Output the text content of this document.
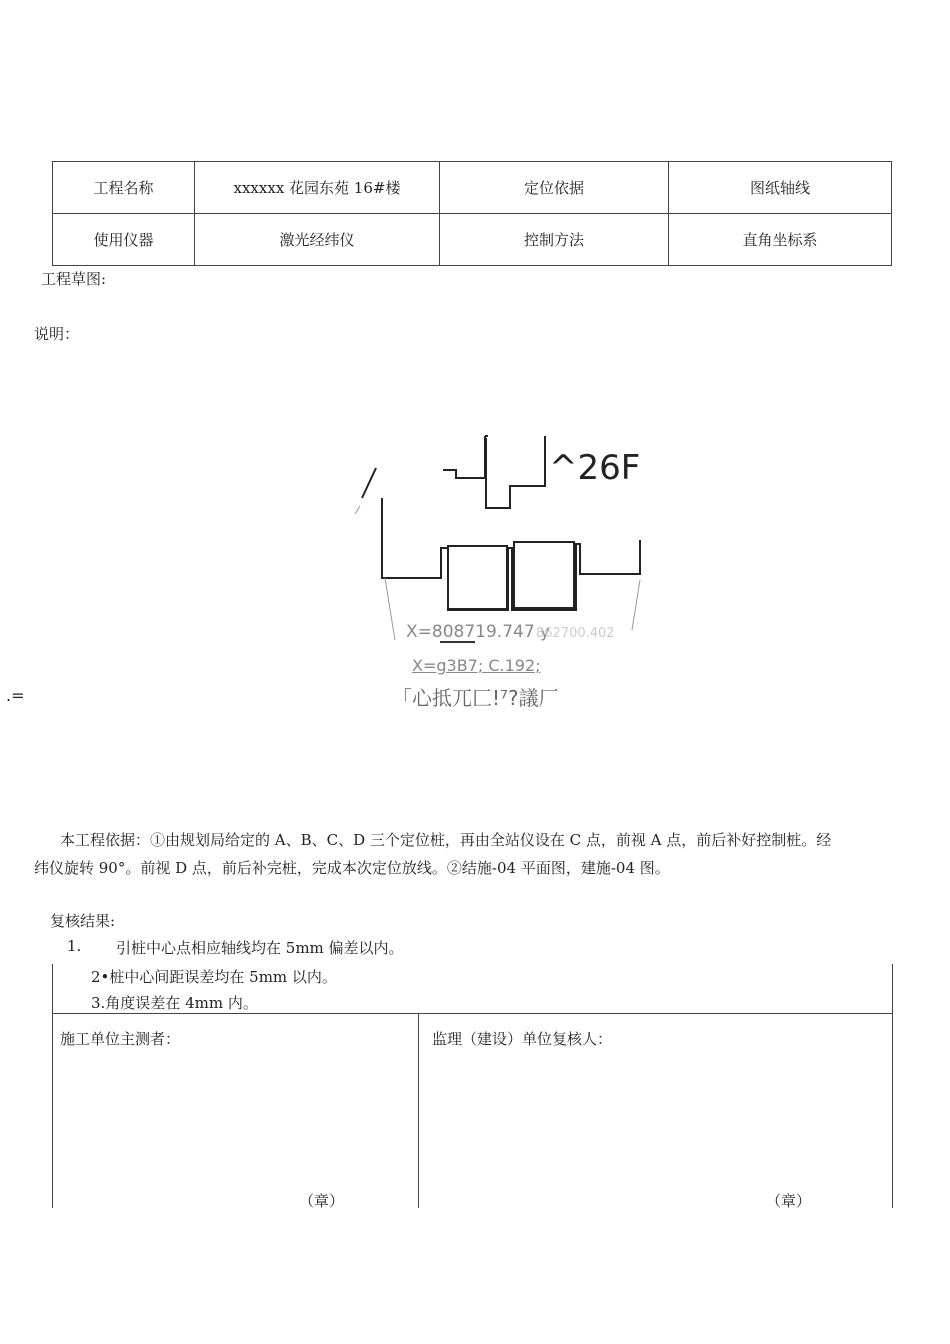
工程名称	xxxxxx 花园东苑 16#楼	定位依据	图纸轴线
使用仪器	激光经纬仪	控制方法	直角坐标系
工程草图:
说明：
.=
^26F
X=808719.747 y
862700.402
X=g3B7; C.192;
「心抵兀匚!⁷?議厂
本工程依据：①由规划局给定的 A、B、C、D 三个定位桩，再由全站仪设在 C 点，前视 A 点，前后补好控制桩。经
纬仪旋转 90°。前视 D 点，前后补完桩，完成本次定位放线。②结施-04 平面图，建施-04 图。
复核结果:
1. 引桩中心点相应轴线均在 5mm 偏差以内。
2•桩中心间距误差均在 5mm 以内。
3.角度误差在 4mm 内。
施工单位主测者：	监理（建设）单位复核人：
（章）	（章）
